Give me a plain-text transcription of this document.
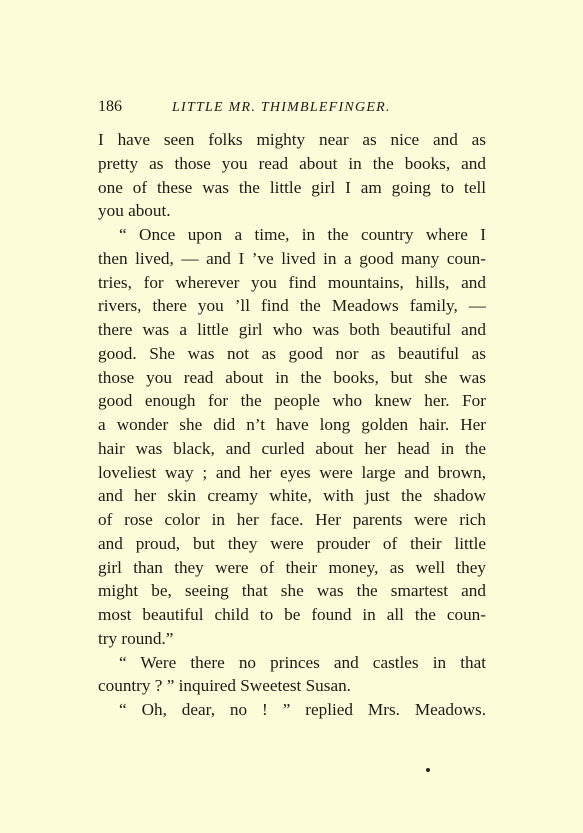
186	LITTLE MR. THIMBLEFINGER.
I have seen folks mighty near as nice and as
pretty as those you read about in the books, and
one of these was the little girl I am going to tell
you about.
“ Once upon a time, in the country where I
then lived, — and I ’ve lived in a good many coun-
tries, for wherever you find mountains, hills, and
rivers, there you ’ll find the Meadows family, —
there was a little girl who was both beautiful and
good. She was not as good nor as beautiful as
those you read about in the books, but she was
good enough for the people who knew her. For
a wonder she did n’t have long golden hair. Her
hair was black, and curled about her head in the
loveliest way ; and her eyes were large and brown,
and her skin creamy white, with just the shadow
of rose color in her face. Her parents were rich
and proud, but they were prouder of their little
girl than they were of their money, as well they
might be, seeing that she was the smartest and
most beautiful child to be found in all the coun-
try round.”
“ Were there no princes and castles in that
country ? ” inquired Sweetest Susan.
“ Oh, dear, no ! ” replied Mrs. Meadows.
